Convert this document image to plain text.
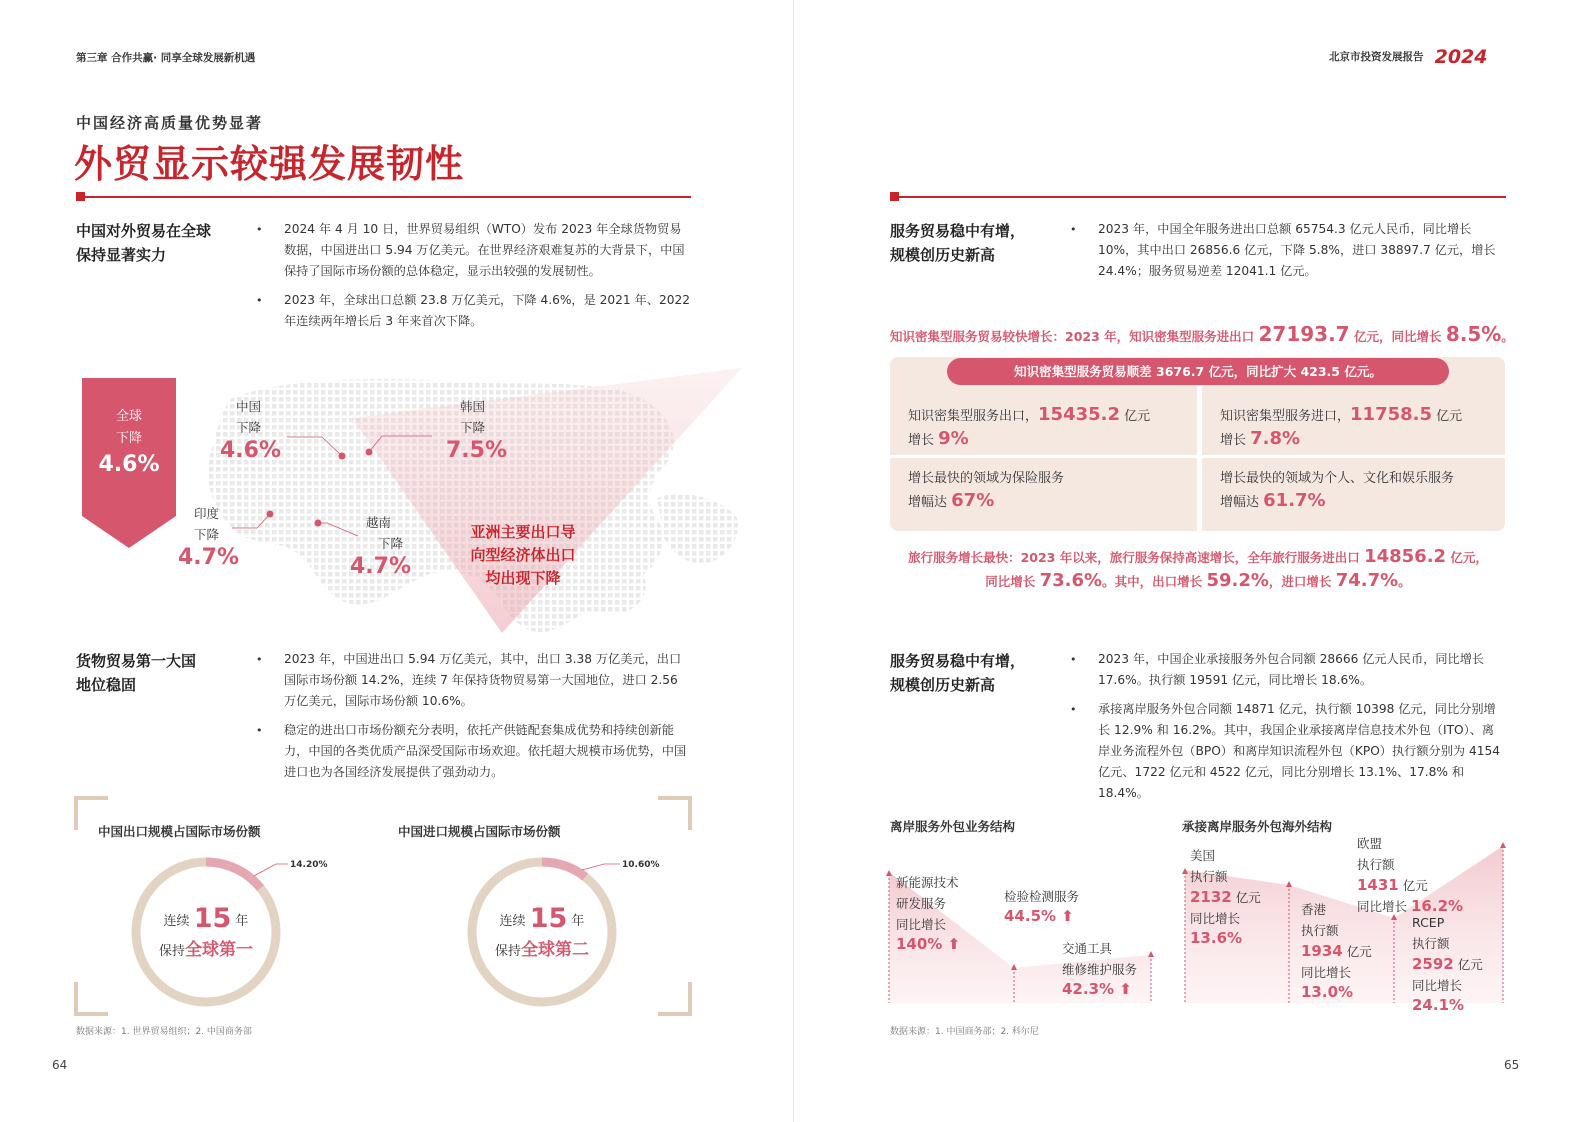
第三章 合作共赢· 同享全球发展新机遇
中国经济高质量优势显著
外贸显示较强发展韧性
中国对外贸易在全球
保持显著实力
• 2024 年 4 月 10 日，世界贸易组织（WTO）发布 2023 年全球货物贸易数据，中国进出口 5.94 万亿美元。在世界经济艰难复苏的大背景下，中国保持了国际市场份额的总体稳定，显示出较强的发展韧性。
• 2023 年，全球出口总额 23.8 万亿美元，下降 4.6%，是 2021 年、2022 年连续两年增长后 3 年来首次下降。
全球
下降
4.6%
中国
下降
4.6%
韩国
下降
7.5%
印度
下降
4.7%
越南
下降
4.7%
亚洲主要出口导
向型经济体出口
均出现下降
货物贸易第一大国
地位稳固
• 2023 年，中国进出口 5.94 万亿美元，其中，出口 3.38 万亿美元，出口国际市场份额 14.2%，连续 7 年保持货物贸易第一大国地位，进口 2.56 万亿美元，国际市场份额 10.6%。
• 稳定的进出口市场份额充分表明，依托产供链配套集成优势和持续创新能力，中国的各类优质产品深受国际市场欢迎。依托超大规模市场优势，中国进口也为各国经济发展提供了强劲动力。
中国出口规模占国际市场份额	中国进口规模占国际市场份额
14.20%
连续 15 年
保持全球第一
10.60%
连续 15 年
保持全球第二
数据来源：1. 世界贸易组织；2. 中国商务部
64
北京市投资发展报告 2024
服务贸易稳中有增，
规模创历史新高
• 2023 年，中国全年服务进出口总额 65754.3 亿元人民币，同比增长 10%，其中出口 26856.6 亿元，下降 5.8%，进口 38897.7 亿元，增长 24.4%；服务贸易逆差 12041.1 亿元。
知识密集型服务贸易较快增长：2023 年，知识密集型服务进出口 27193.7 亿元，同比增长 8.5%。
知识密集型服务贸易顺差 3676.7 亿元，同比扩大 423.5 亿元。
知识密集型服务出口，15435.2 亿元
增长 9%
知识密集型服务进口，11758.5 亿元
增长 7.8%
增长最快的领域为保险服务
增幅达 67%
增长最快的领域为个人、文化和娱乐服务
增幅达 61.7%
旅行服务增长最快：2023 年以来，旅行服务保持高速增长，全年旅行服务进出口 14856.2 亿元，
同比增长 73.6%。其中，出口增长 59.2%，进口增长 74.7%。
服务贸易稳中有增，
规模创历史新高
• 2023 年，中国企业承接服务外包合同额 28666 亿元人民币，同比增长 17.6%。执行额 19591 亿元，同比增长 18.6%。
• 承接离岸服务外包合同额 14871 亿元，执行额 10398 亿元，同比分别增长 12.9% 和 16.2%。其中，我国企业承接离岸信息技术外包（ITO）、离岸业务流程外包（BPO）和离岸知识流程外包（KPO）执行额分别为 4154 亿元、1722 亿元和 4522 亿元，同比分别增长 13.1%、17.8% 和 18.4%。
离岸服务外包业务结构
新能源技术
研发服务
同比增长
140% ⬆
检验检测服务
44.5% ⬆
交通工具
维修维护服务
42.3% ⬆
承接离岸服务外包海外结构
美国
执行额
2132 亿元
同比增长
13.6%
香港
执行额
1934 亿元
同比增长
13.0%
欧盟
执行额
1431 亿元
同比增长 16.2%
RCEP
执行额
2592 亿元
同比增长
24.1%
数据来源：1. 中国商务部；2. 科尔尼
65
